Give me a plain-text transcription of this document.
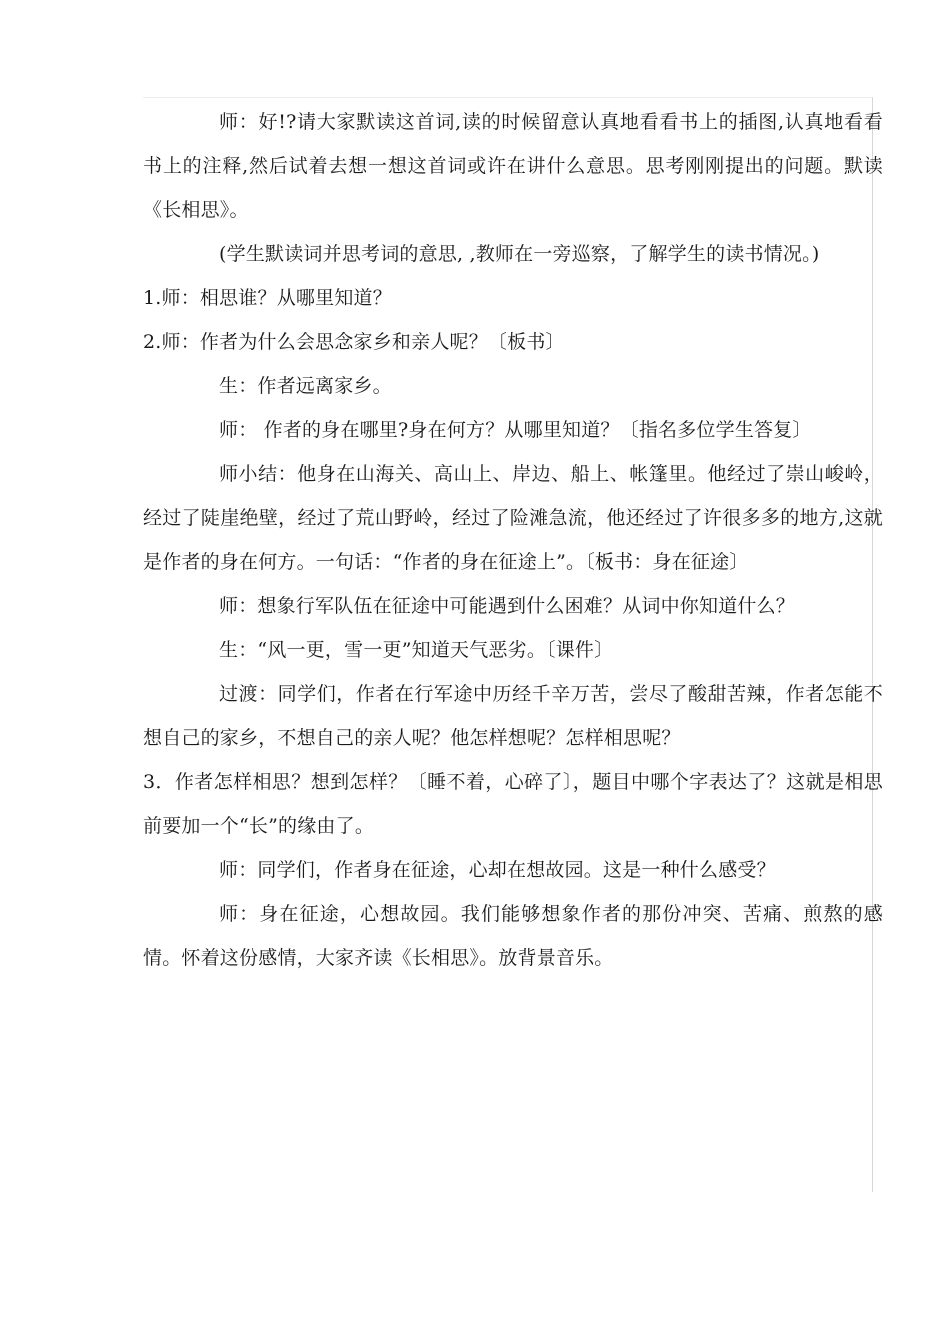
师：好!?请大家默读这首词,读的时候留意认真地看看书上的插图,认真地看看书上的注释,然后试着去想一想这首词或许在讲什么意思。思考刚刚提出的问题。默读《长相思》。

(学生默读词并思考词的意思, ,教师在一旁巡察，了解学生的读书情况。)

1.师：相思谁？从哪里知道？

2.师：作者为什么会思念家乡和亲人呢？〔板书〕

生：作者远离家乡。

师： 作者的身在哪里?身在何方？从哪里知道？〔指名多位学生答复〕

师小结：他身在山海关、高山上、岸边、船上、帐篷里。他经过了崇山峻岭，经过了陡崖绝壁，经过了荒山野岭，经过了险滩急流，他还经过了许很多多的地方,这就是作者的身在何方。一句话：“作者的身在征途上”。〔板书：身在征途〕

师：想象行军队伍在征途中可能遇到什么困难？从词中你知道什么？

生：“风一更，雪一更”知道天气恶劣。〔课件〕

过渡：同学们，作者在行军途中历经千辛万苦，尝尽了酸甜苦辣，作者怎能不想自己的家乡，不想自己的亲人呢？他怎样想呢？怎样相思呢？

3．作者怎样相思？想到怎样？〔睡不着，心碎了〕，题目中哪个字表达了？这就是相思前要加一个“长”的缘由了。

师：同学们，作者身在征途，心却在想故园。这是一种什么感受？

师：身在征途，心想故园。我们能够想象作者的那份冲突、苦痛、煎熬的感情。怀着这份感情，大家齐读《长相思》。放背景音乐。
